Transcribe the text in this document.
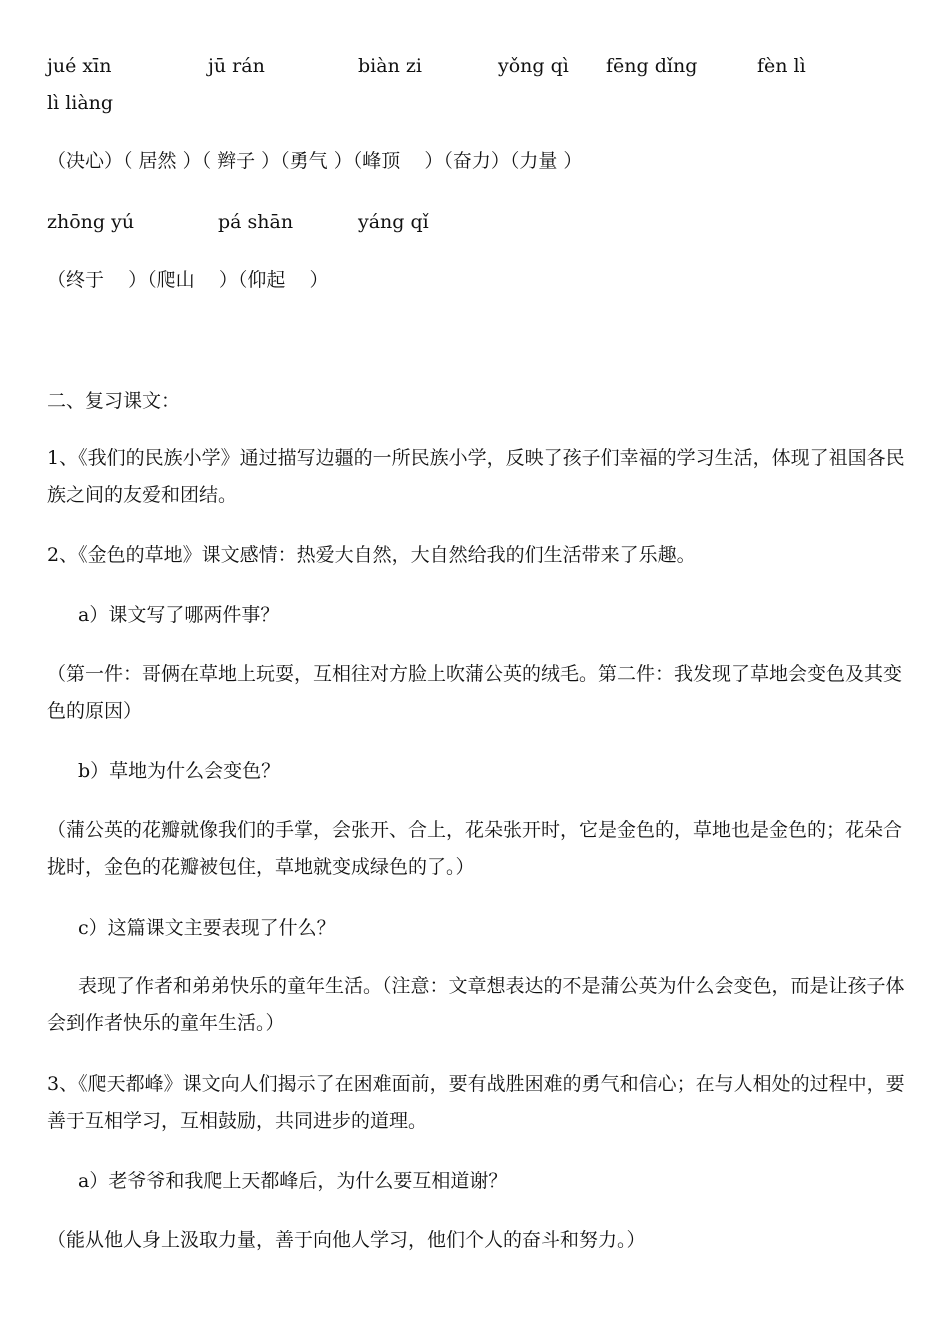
jué xīn	jū rán	biàn zi	yǒng qì fēng dǐng	fèn lì
lì liàng
（决心）（ 居然 ）（ 辫子 ）（勇气 ）（峰顶    ）（奋力）（力量 ）
zhōng yú	pá shān	yáng qǐ
（终于    ）（爬山    ）（仰起    ）
二、复习课文：
1、《我们的民族小学》通过描写边疆的一所民族小学，反映了孩子们幸福的学习生活，体现了祖国各民族之间的友爱和团结。
2、《金色的草地》课文感情：热爱大自然，大自然给我的们生活带来了乐趣。
a）课文写了哪两件事？
（第一件：哥俩在草地上玩耍，互相往对方脸上吹蒲公英的绒毛。第二件：我发现了草地会变色及其变色的原因）
b）草地为什么会变色？
（蒲公英的花瓣就像我们的手掌，会张开、合上，花朵张开时，它是金色的，草地也是金色的；花朵合拢时，金色的花瓣被包住，草地就变成绿色的了。）
c）这篇课文主要表现了什么？
表现了作者和弟弟快乐的童年生活。（注意：文章想表达的不是蒲公英为什么会变色，而是让孩子体会到作者快乐的童年生活。）
3、《爬天都峰》课文向人们揭示了在困难面前，要有战胜困难的勇气和信心；在与人相处的过程中，要善于互相学习，互相鼓励，共同进步的道理。
a）老爷爷和我爬上天都峰后，为什么要互相道谢？
（能从他人身上汲取力量，善于向他人学习，他们个人的奋斗和努力。）
